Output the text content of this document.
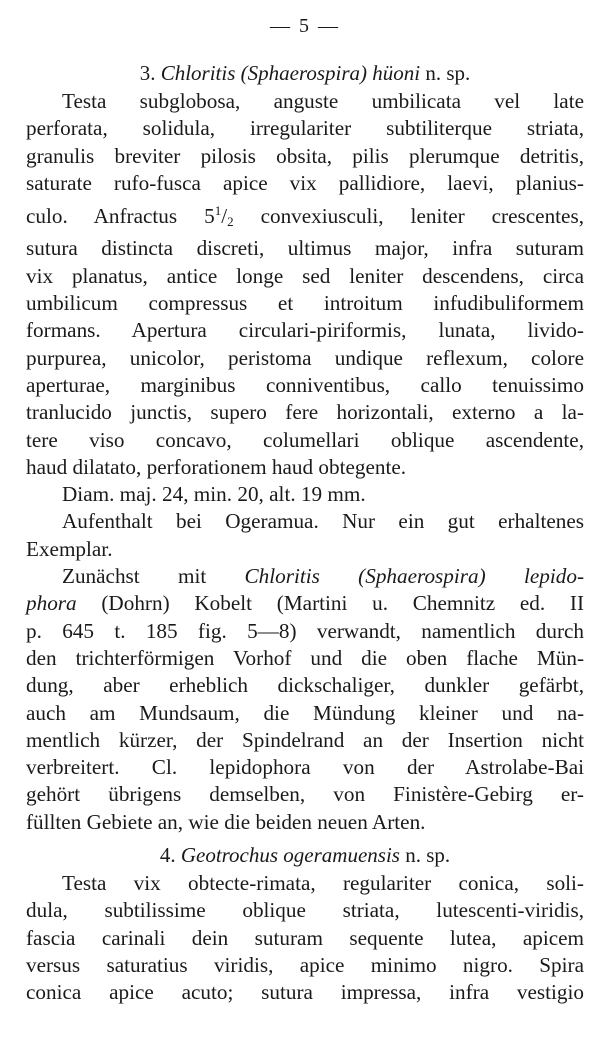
— 5 —
3. Chloritis (Sphaerospira) hüoni n. sp.
Testa subglobosa, anguste umbilicata vel late
perforata, solidula, irregulariter subtiliterque striata,
granulis breviter pilosis obsita, pilis plerumque detritis,
saturate rufo-fusca apice vix pallidiore, laevi, planius-
culo. Anfractus $5^1/_2$ convexiusculi, leniter crescentes,
sutura distincta discreti, ultimus major, infra suturam
vix planatus, antice longe sed leniter descendens, circa
umbilicum compressus et introitum infudibuliformem
formans. Apertura circulari-piriformis, lunata, livido-
purpurea, unicolor, peristoma undique reflexum, colore
aperturae, marginibus conniventibus, callo tenuissimo
tranlucido junctis, supero fere horizontali, externo a la-
tere viso concavo, columellari oblique ascendente,
haud dilatato, perforationem haud obtegente.
Diam. maj. 24, min. 20, alt. 19 mm.
Aufenthalt bei Ogeramua. Nur ein gut erhaltenes
Exemplar.
Zunächst mit Chloritis (Sphaerospira) lepido-
phora (Dohrn) Kobelt (Martini u. Chemnitz ed. II
p. 645 t. 185 fig. 5—8) verwandt, namentlich durch
den trichterförmigen Vorhof und die oben flache Mün-
dung, aber erheblich dickschaliger, dunkler gefärbt,
auch am Mundsaum, die Mündung kleiner und na-
mentlich kürzer, der Spindelrand an der Insertion nicht
verbreitert. Cl. lepidophora von der Astrolabe-Bai
gehört übrigens demselben, von Finistère-Gebirg er-
füllten Gebiete an, wie die beiden neuen Arten.
4. Geotrochus ogeramuensis n. sp.
Testa vix obtecte-rimata, regulariter conica, soli-
dula, subtilissime oblique striata, lutescenti-viridis,
fascia carinali dein suturam sequente lutea, apicem
versus saturatius viridis, apice minimo nigro. Spira
conica apice acuto; sutura impressa, infra vestigio
